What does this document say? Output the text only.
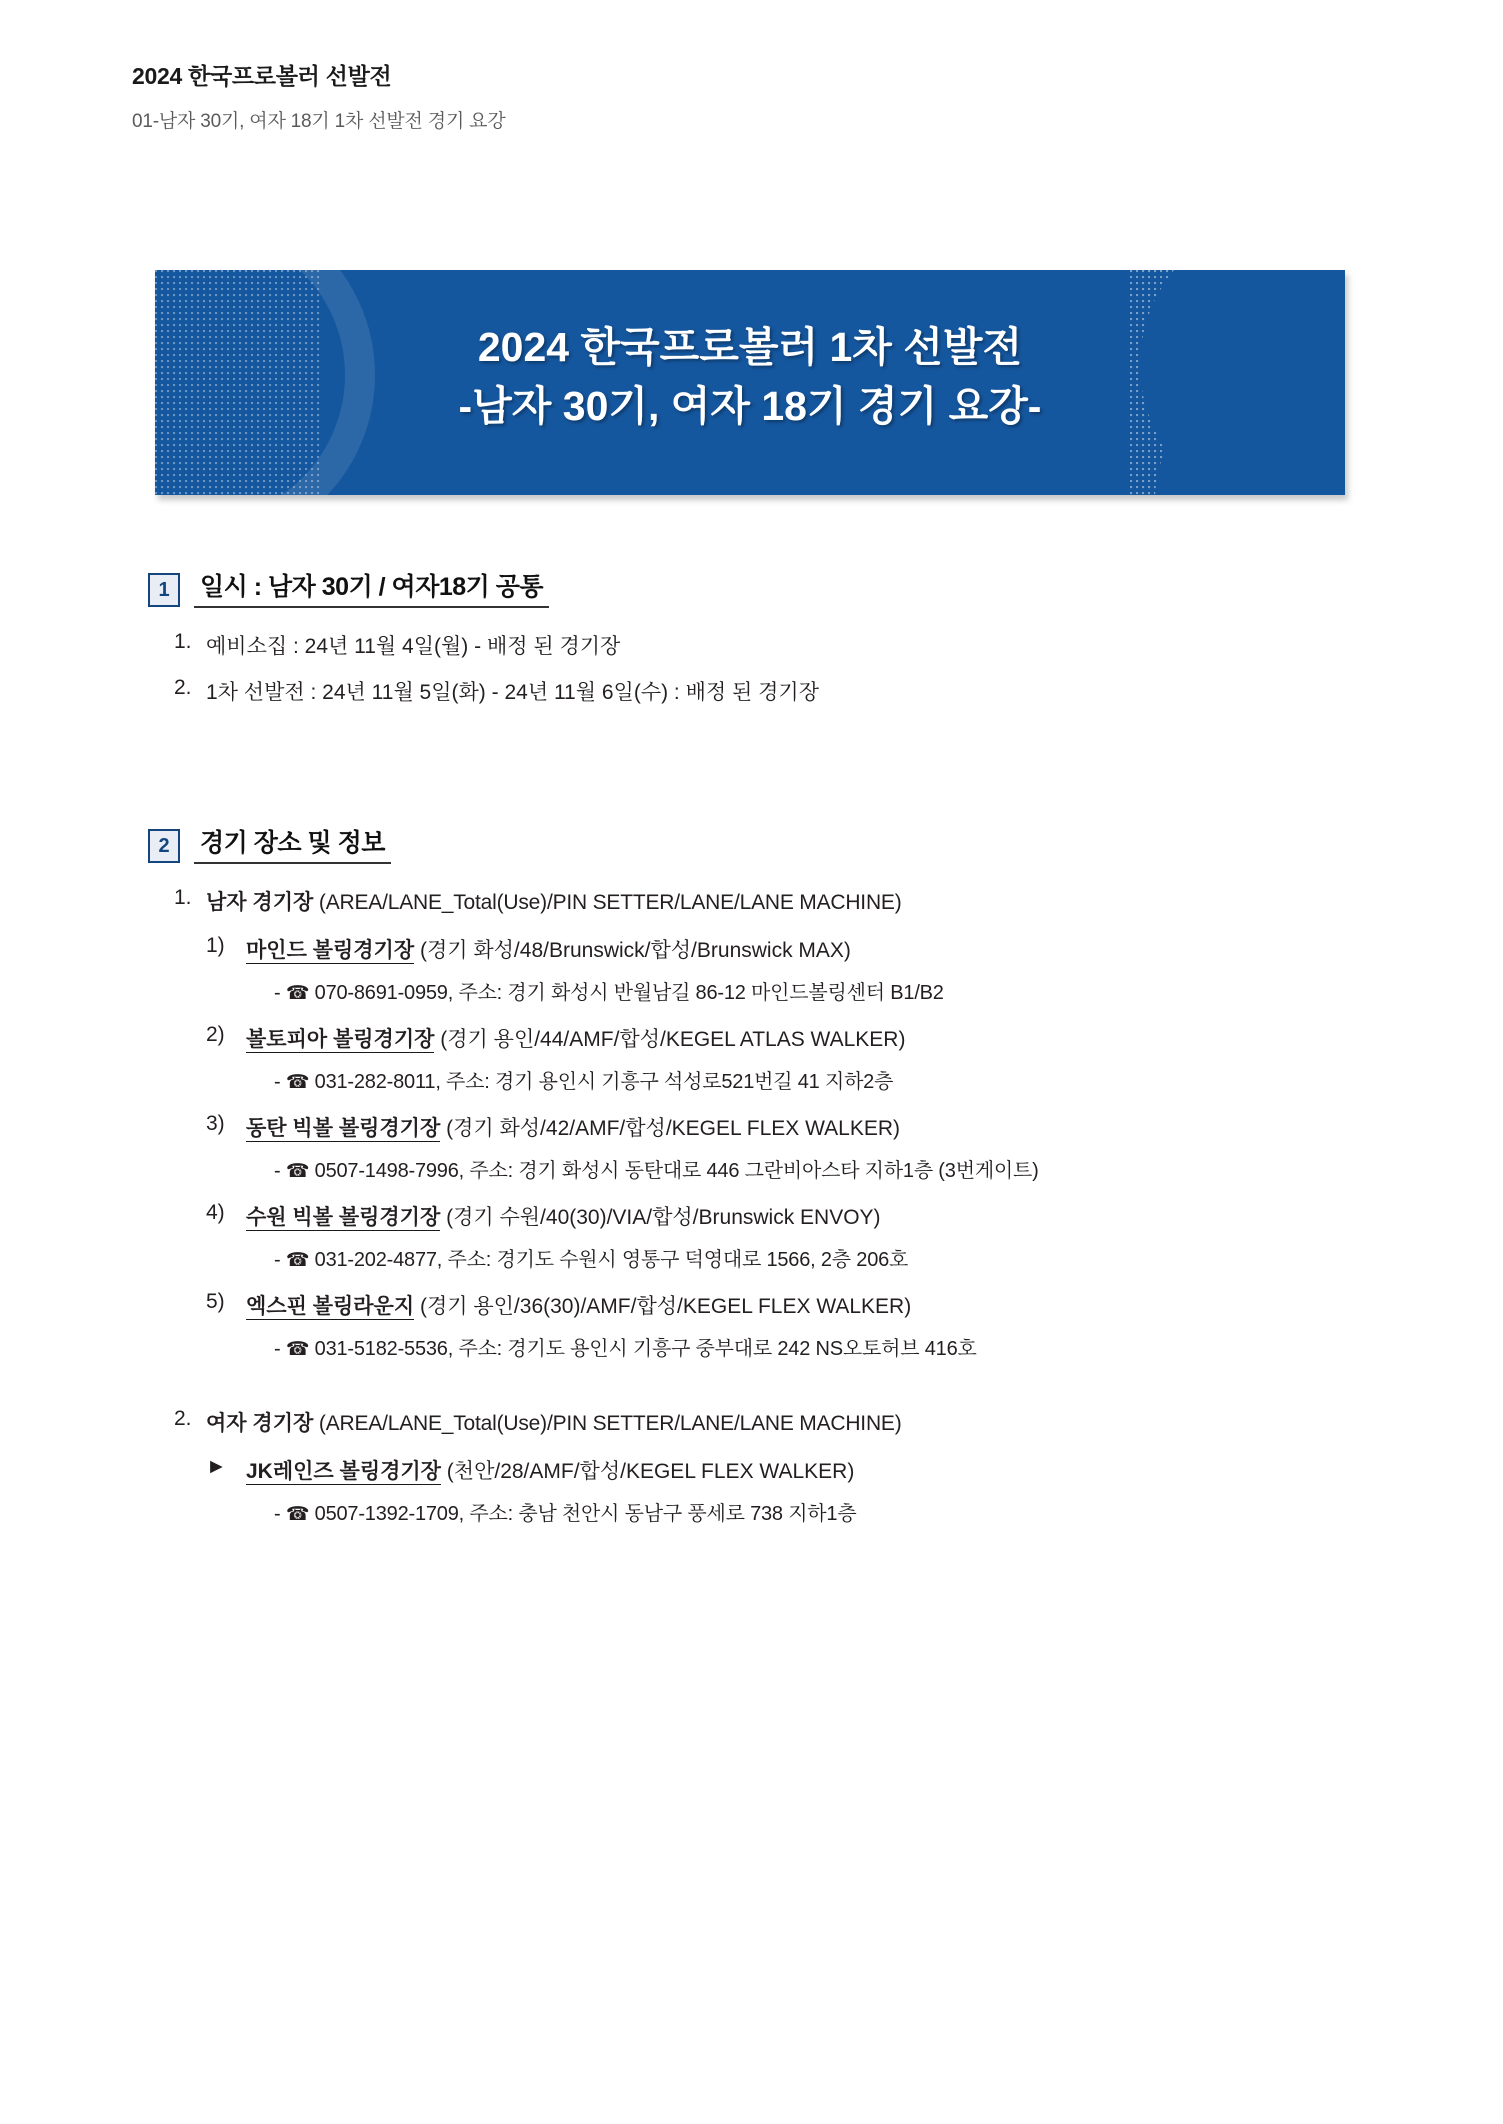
2024 한국프로볼러 선발전
01-남자 30기, 여자 18기 1차 선발전 경기 요강
2024 한국프로볼러 1차 선발전
-남자 30기, 여자 18기 경기 요강-
1	일시 : 남자 30기 / 여자18기 공통
1. 예비소집 : 24년 11월 4일(월) - 배정 된 경기장
2. 1차 선발전 : 24년 11월 5일(화) - 24년 11월 6일(수) : 배정 된 경기장
2	경기 장소 및 정보
1. 남자 경기장 (AREA/LANE_Total(Use)/PIN SETTER/LANE/LANE MACHINE)
1) 마인드 볼링경기장 (경기 화성/48/Brunswick/합성/Brunswick MAX)
- ☎ 070-8691-0959, 주소: 경기 화성시 반월남길 86-12 마인드볼링센터 B1/B2
2) 볼토피아 볼링경기장 (경기 용인/44/AMF/합성/KEGEL ATLAS WALKER)
- ☎ 031-282-8011, 주소: 경기 용인시 기흥구 석성로521번길 41 지하2층
3) 동탄 빅볼 볼링경기장 (경기 화성/42/AMF/합성/KEGEL FLEX WALKER)
- ☎ 0507-1498-7996, 주소: 경기 화성시 동탄대로 446 그란비아스타 지하1층 (3번게이트)
4) 수원 빅볼 볼링경기장 (경기 수원/40(30)/VIA/합성/Brunswick ENVOY)
- ☎ 031-202-4877, 주소: 경기도 수원시 영통구 덕영대로 1566, 2층 206호
5) 엑스핀 볼링라운지 (경기 용인/36(30)/AMF/합성/KEGEL FLEX WALKER)
- ☎ 031-5182-5536, 주소: 경기도 용인시 기흥구 중부대로 242 NS오토허브 416호
2. 여자 경기장 (AREA/LANE_Total(Use)/PIN SETTER/LANE/LANE MACHINE)
► JK레인즈 볼링경기장 (천안/28/AMF/합성/KEGEL FLEX WALKER)
- ☎ 0507-1392-1709, 주소: 충남 천안시 동남구 풍세로 738 지하1층
